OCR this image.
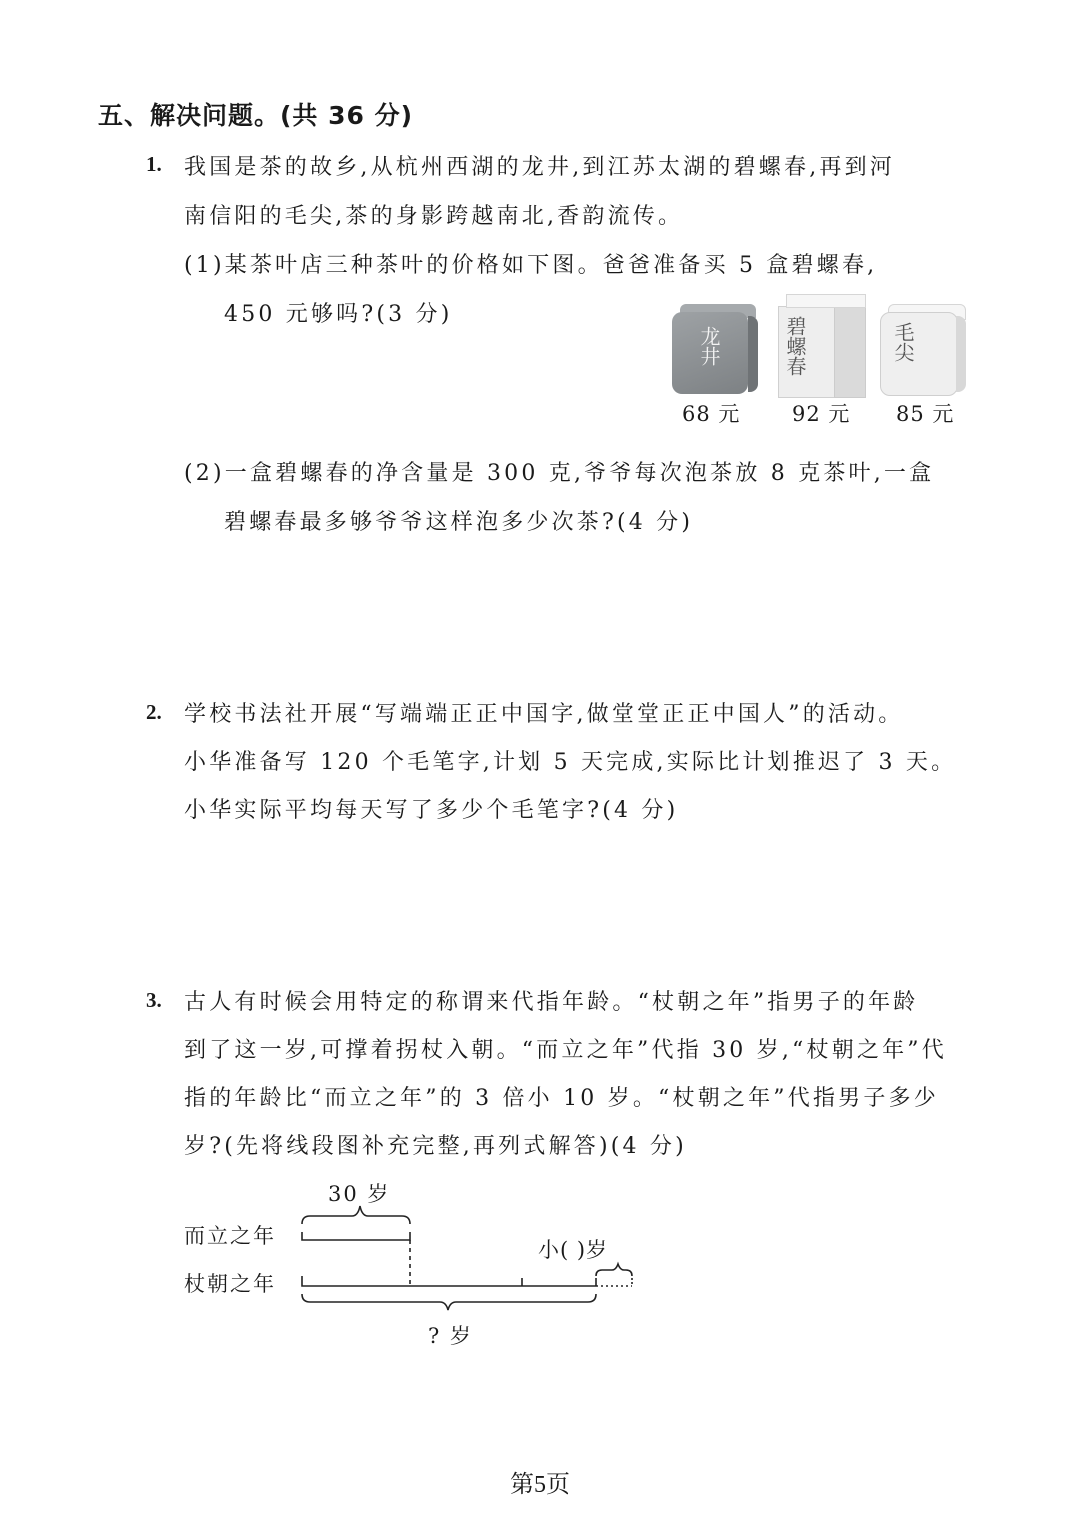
五、解决问题。(共 36 分)
1. 我国是茶的故乡,从杭州西湖的龙井,到江苏太湖的碧螺春,再到河
南信阳的毛尖,茶的身影跨越南北,香韵流传。
(1)某茶叶店三种茶叶的价格如下图。爸爸准备买 5 盒碧螺春,
450 元够吗?(3 分)
龙井	碧螺春	毛尖
68 元 92 元 85 元
(2)一盒碧螺春的净含量是 300 克,爷爷每次泡茶放 8 克茶叶,一盒
碧螺春最多够爷爷这样泡多少次茶?(4 分)
2. 学校书法社开展“写端端正正中国字,做堂堂正正中国人”的活动。
小华准备写 120 个毛笔字,计划 5 天完成,实际比计划推迟了 3 天。
小华实际平均每天写了多少个毛笔字?(4 分)
3. 古人有时候会用特定的称谓来代指年龄。“杖朝之年”指男子的年龄
到了这一岁,可撑着拐杖入朝。“而立之年”代指 30 岁,“杖朝之年”代
指的年龄比“而立之年”的 3 倍小 10 岁。“杖朝之年”代指男子多少
岁?(先将线段图补充完整,再列式解答)(4 分)
30 岁
而立之年
杖朝之年
小( )岁
? 岁
第5页
